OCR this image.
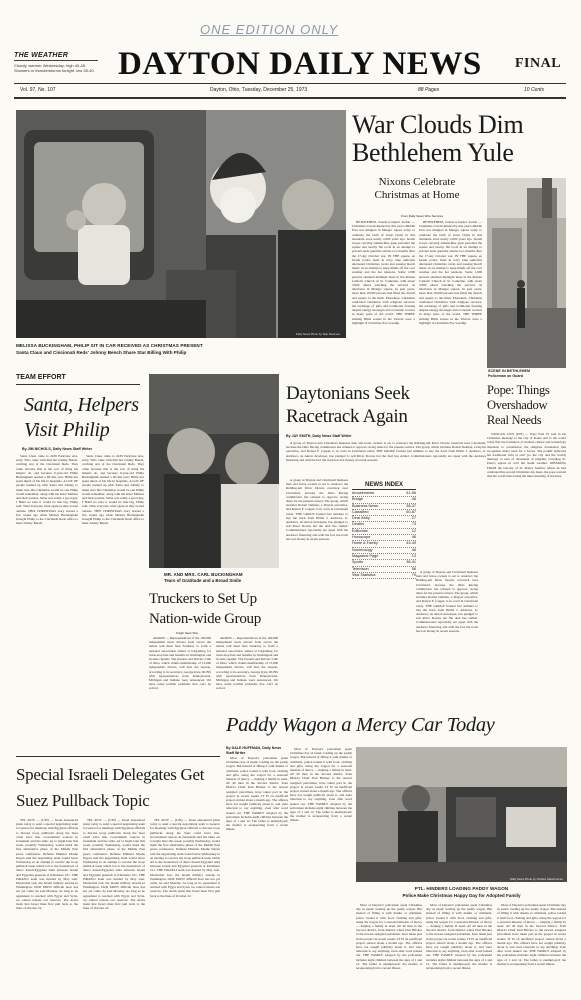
ONE EDITION ONLY
THE WEATHER
Cloudy, warmer Wednesday; high 40-45. Showers or thunderstorms tonight, low 35-40. DAYTON DAILY NEWS FINAL
Vol. 97, No. 107	Dayton, Ohio, Tuesday, December 25, 1973	88 Pages	10 Cents
Daily News Photo by Skip Peterson
MELISSA BUCKINGHAM, PHILIP SIT IN CAR RECEIVED AS CHRISTMAS PRESENT
Santa Claus and Cincinnati Reds' Johnny Bench Share Star Billing With Philip
War Clouds Dim Bethlehem Yule
Nixons Celebrate Christmas at Home
From Daily News Wire Services

BETHLEHEM, Israeli-occupied Jordan — Christmas crowds thinned by this year's Middle East war mingled in Manger square today to celebrate the birth of Jesus Christ in this mountain town nearly 2,000 years ago. Israeli troops carrying submachine guns patrolled the square and nearby flat roofs in an attempt to prevent Arab guerrilla attacks two months after the 17-day October war. IN THE square, an Israeli police band in navy blue uniforms alternated Christmas carols and rousing march music in an attempt to keep minds off the cool weather and the hot tensions. Some 1,000 persons attended midnight mass in the Roman Catholic Church of St. Catherine, with about 3,000 others watching the services on television in Manger square. In past years, more than 10,000 persons had filled the church and square to the limit. Elsewhere, Christians celebrated Christmas with religious services, the exchange of gifts and traditional feasting despite energy shortages and economic worries in many parts of the world. THE THREE striking Bible scenes in the Vatican were a highlight of Christmas Eve worship.

BETHLEHEM, Israeli-occupied Jordan — Christmas crowds thinned by this year's Middle East war mingled in Manger square today to celebrate the birth of Jesus Christ in this mountain town nearly 2,000 years ago. Israeli troops carrying submachine guns patrolled the square and nearby flat roofs in an attempt to prevent Arab guerrilla attacks two months after the 17-day October war. IN THE square, an Israeli police band in navy blue uniforms alternated Christmas carols and rousing march music in an attempt to keep minds off the cool weather and the hot tensions. Some 1,000 persons attended midnight mass in the Roman Catholic Church of St. Catherine, with about 3,000 others watching the services on television in Manger square. In past years, more than 10,000 persons had filled the church and square to the limit. Elsewhere, Christians celebrated Christmas with religious services, the exchange of gifts and traditional feasting despite energy shortages and economic worries in many parts of the world. THE THREE striking Bible scenes in the Vatican were a highlight of Christmas Eve worship.

SCENE IN BETHLEHEM
Policeman on Guard
TEAM EFFORT
Santa, Helpers Visit Philip
By JIM NICHOLS, Daily News Staff Writer

Santa Claus came to 2439 Parkview Ave. early. Who came with him but Johnny Bench, catching star of the Cincinnati Reds. They came because that is the sort of thing his helpers do, and because 6-year-old Philip Buckingham needed a lift this year. Philip has spent much of his life in hospitals. A LOT OF people teamed up with Santa and Johnny to make sure this Christmas would be one Philip would remember, along with his sister Melissa and their parents. Santa was really a good guy. I HAD no idea it would be this big, Philip said. Then everyone cried again as they roared outside. THIS CHRISTMAS story started a few weeks ago when Mickey Buckingham brought Philip to the Cincinnati Reds office to meet Johnny Bench.

Santa Claus came to 2439 Parkview Ave. early. Who came with him but Johnny Bench, catching star of the Cincinnati Reds. They came because that is the sort of thing his helpers do, and because 6-year-old Philip Buckingham needed a lift this year. Philip has spent much of his life in hospitals. A LOT OF people teamed up with Santa and Johnny to make sure this Christmas would be one Philip would remember, along with his sister Melissa and their parents. Santa was really a good guy. I HAD no idea it would be this big, Philip said. Then everyone cried again as they roared outside. THIS CHRISTMAS story started a few weeks ago when Mickey Buckingham brought Philip to the Cincinnati Reds office to meet Johnny Bench.

MR. AND MRS. CARL BUCKINGHAM
Tears of Gratitude and a Broad Smile
Daytonians Seek Racetrack Again
By JAY SMITH, Daily News Staff Writer

A group of Dayton and Cincinnati business men and horse owners is set to resurrect the Ridding-um River Downs racetrack near Cincinnati, because the Ohio Racing commission has refused to approve racing dates for the present owners. The group, which includes Robert Oelman, a Dayton executive, and Robert F. Cappel, is in court in Cincinnati today. THE GROUP formed last summer to buy the track from Hollis J. Andrews, Jr. Andrews, an Akron developer, has pledged to sell River Downs but the deal has stalled. Commissioners reportedly are upset with the Andrews financing and with the fact the track has lost money in recent seasons.

A group of Dayton and Cincinnati business men and horse owners is set to resurrect the Ridding-um River Downs racetrack near Cincinnati, because the Ohio Racing commission has refused to approve racing dates for the present owners. The group, which includes Robert Oelman, a Dayton executive, and Robert F. Cappel, is in court in Cincinnati today. THE GROUP formed last summer to buy the track from Hollis J. Andrews, Jr. Andrews, an Akron developer, has pledged to sell River Downs but the deal has stalled. Commissioners reportedly are upset with the Andrews financing and with the fact the track has lost money in recent seasons.

A group of Dayton and Cincinnati business men and horse owners is set to resurrect the Ridding-um River Downs racetrack near Cincinnati, because the Ohio Racing commission has refused to approve racing dates for the present owners. The group, which includes Robert Oelman, a Dayton executive, and Robert F. Cappel, is in court in Cincinnati today. THE GROUP formed last summer to buy the track from Hollis J. Andrews, Jr. Andrews, an Akron developer, has pledged to sell River Downs but the deal has stalled. Commissioners reportedly are upset with the Andrews financing and with the fact the track has lost money in recent seasons.

NEWS INDEX
Amusements	51-56
Bridge	46
Business News	36-37
Classified	60-87
Dear Abby	27
Deaths	73
Editorials	12
Horoscope	46
Home & Family	43-49
Numerology	46
Magazine Page	13
Sports	38-41
Television	56
Vital Statistics	70
Pope: Things Overshadow Real Needs

VATICAN CITY (UPI) — Pope Paul VI said in his Christmas message to the city of Rome and to the world today that the formation of modern culture and technology threatens to overshadow the religious foundation that recognizes man's need for a Savior. The pontiff delivered his traditional 'urbi et orbi' (to the city and the world) message to tens of thousands of pilgrims crowding St. Peter's square in cold but sunlit weather. SPEAKING FROM the balcony of St. Peter's basilica, where he had celebrated his second Christmas day mass, the pope warned that the world risks losing the inner meaning of the feast.

Truckers to Set Up Nation-wide Group
Knight News Wire

AKRON — Representatives of the 100,000 independent truck drivers from across the nation will meet here Saturday to form a national association aimed at bargaining for truck-stop fuel and benefits in Washington and in state capitals. The Owners and Drivers Club of Ohio, which claims membership of 15,000 independent drivers, will host the session, according to its secretary, George Kyte. RUNS with representatives from Pennsylvania, Michigan and Indiana were announced. We have some terrible problems that can't be solved.

AKRON — Representatives of the 100,000 independent truck drivers from across the nation will meet here Saturday to form a national association aimed at bargaining for truck-stop fuel and benefits in Washington and in state capitals. The Owners and Drivers Club of Ohio, which claims membership of 15,000 independent drivers, will host the session, according to its secretary, George Kyte. RUNS with representatives from Pennsylvania, Michigan and Indiana were announced. We have some terrible problems that can't be solved.

Paddy Wagon a Mercy Car Today
By DALE HUFFMAN, Daily News Staff Writer

Most of Dayton's policemen spent Christmas day as usual: loading up the paddy wagon. But instead of filling it with drunks or criminals, police loaded it with food, clothing and gifts, using the wagon for a seasonal mission of mercy — helping a family in need. AT 40 men in the Second district, from District Chief Paul Bricker to the newest assigned patrolman, have taken part in the project in recent weeks. IT IS an unofficial project started about a month ago. The officers have not sought publicity about it, and were reluctant to say anything, even after word leaked out. THE FAMILY adopted by the policemen includes eight children between the ages of 1 and 12. The father is unemployed; the mother is recuperating from a recent illness.

Most of Dayton's policemen spent Christmas day as usual: loading up the paddy wagon. But instead of filling it with drunks or criminals, police loaded it with food, clothing and gifts, using the wagon for a seasonal mission of mercy — helping a family in need. AT 40 men in the Second district, from District Chief Paul Bricker to the newest assigned patrolman, have taken part in the project in recent weeks. IT IS an unofficial project started about a month ago. The officers have not sought publicity about it, and were reluctant to say anything, even after word leaked out. THE FAMILY adopted by the policemen includes eight children between the ages of 1 and 12. The father is unemployed; the mother is recuperating from a recent illness.

Daily News Photo by Charles Steinbrunner
PTL. HINDERS LOADING PADDY WAGON
Police Make Christmas Happy Day for Adopted Family

Most of Dayton's policemen spent Christmas day as usual: loading up the paddy wagon. But instead of filling it with drunks or criminals, police loaded it with food, clothing and gifts, using the wagon for a seasonal mission of mercy — helping a family in need. AT 40 men in the Second district, from District Chief Paul Bricker to the newest assigned patrolman, have taken part in the project in recent weeks. IT IS an unofficial project started about a month ago. The officers have not sought publicity about it, and were reluctant to say anything, even after word leaked out. THE FAMILY adopted by the policemen includes eight children between the ages of 1 and 12. The father is unemployed; the mother is recuperating from a recent illness.

Most of Dayton's policemen spent Christmas day as usual: loading up the paddy wagon. But instead of filling it with drunks or criminals, police loaded it with food, clothing and gifts, using the wagon for a seasonal mission of mercy — helping a family in need. AT 40 men in the Second district, from District Chief Paul Bricker to the newest assigned patrolman, have taken part in the project in recent weeks. IT IS an unofficial project started about a month ago. The officers have not sought publicity about it, and were reluctant to say anything, even after word leaked out. THE FAMILY adopted by the policemen includes eight children between the ages of 1 and 12. The father is unemployed; the mother is recuperating from a recent illness.

Most of Dayton's policemen spent Christmas day as usual: loading up the paddy wagon. But instead of filling it with drunks or criminals, police loaded it with food, clothing and gifts, using the wagon for a seasonal mission of mercy — helping a family in need. AT 40 men in the Second district, from District Chief Paul Bricker to the newest assigned patrolman, have taken part in the project in recent weeks. IT IS an unofficial project started about a month ago. The officers have not sought publicity about it, and were reluctant to say anything, even after word leaked out. THE FAMILY adopted by the policemen includes eight children between the ages of 1 and 12. The father is unemployed; the mother is recuperating from a recent illness.

Special Israeli Delegates Get Suez Pullback Topic

TEL AVIV — (UPI) — Israel announced plans today to send a special negotiating team to Geneva for meetings with Egyptian officials to discuss troop pullbacks along the Suez canal truce line. Government sources in Jerusalem said the talks, set to begin later this week, possibly Wednesday, would mark the first substantive phase of the Middle East peace conference. Defense Minister Moshe Dayan said the negotiating team would leave Wednesday in an attempt to resolve the troop pullback issue which led to the breakdown of direct Israeli-Egyptian talks between Israeli and Egyptian generals at Kilometer 101. THE ISRAELI team was headed by Maj. Gen. Mordechai Gur, the Israeli military attache in Washington. OUR MOST difficult hour has not yet come, he said Monday. As long as no agreement is reached with Egypt and Syria, we cannot release our reserves. The Arabs insist that Israel must first pull back to the lines of October 22.

TEL AVIV — (UPI) — Israel announced plans today to send a special negotiating team to Geneva for meetings with Egyptian officials to discuss troop pullbacks along the Suez canal truce line. Government sources in Jerusalem said the talks, set to begin later this week, possibly Wednesday, would mark the first substantive phase of the Middle East peace conference. Defense Minister Moshe Dayan said the negotiating team would leave Wednesday in an attempt to resolve the troop pullback issue which led to the breakdown of direct Israeli-Egyptian talks between Israeli and Egyptian generals at Kilometer 101. THE ISRAELI team was headed by Maj. Gen. Mordechai Gur, the Israeli military attache in Washington. OUR MOST difficult hour has not yet come, he said Monday. As long as no agreement is reached with Egypt and Syria, we cannot release our reserves. The Arabs insist that Israel must first pull back to the lines of October 22.

TEL AVIV — (UPI) — Israel announced plans today to send a special negotiating team to Geneva for meetings with Egyptian officials to discuss troop pullbacks along the Suez canal truce line. Government sources in Jerusalem said the talks, set to begin later this week, possibly Wednesday, would mark the first substantive phase of the Middle East peace conference. Defense Minister Moshe Dayan said the negotiating team would leave Wednesday in an attempt to resolve the troop pullback issue which led to the breakdown of direct Israeli-Egyptian talks between Israeli and Egyptian generals at Kilometer 101. THE ISRAELI team was headed by Maj. Gen. Mordechai Gur, the Israeli military attache in Washington. OUR MOST difficult hour has not yet come, he said Monday. As long as no agreement is reached with Egypt and Syria, we cannot release our reserves. The Arabs insist that Israel must first pull back to the lines of October 22.
